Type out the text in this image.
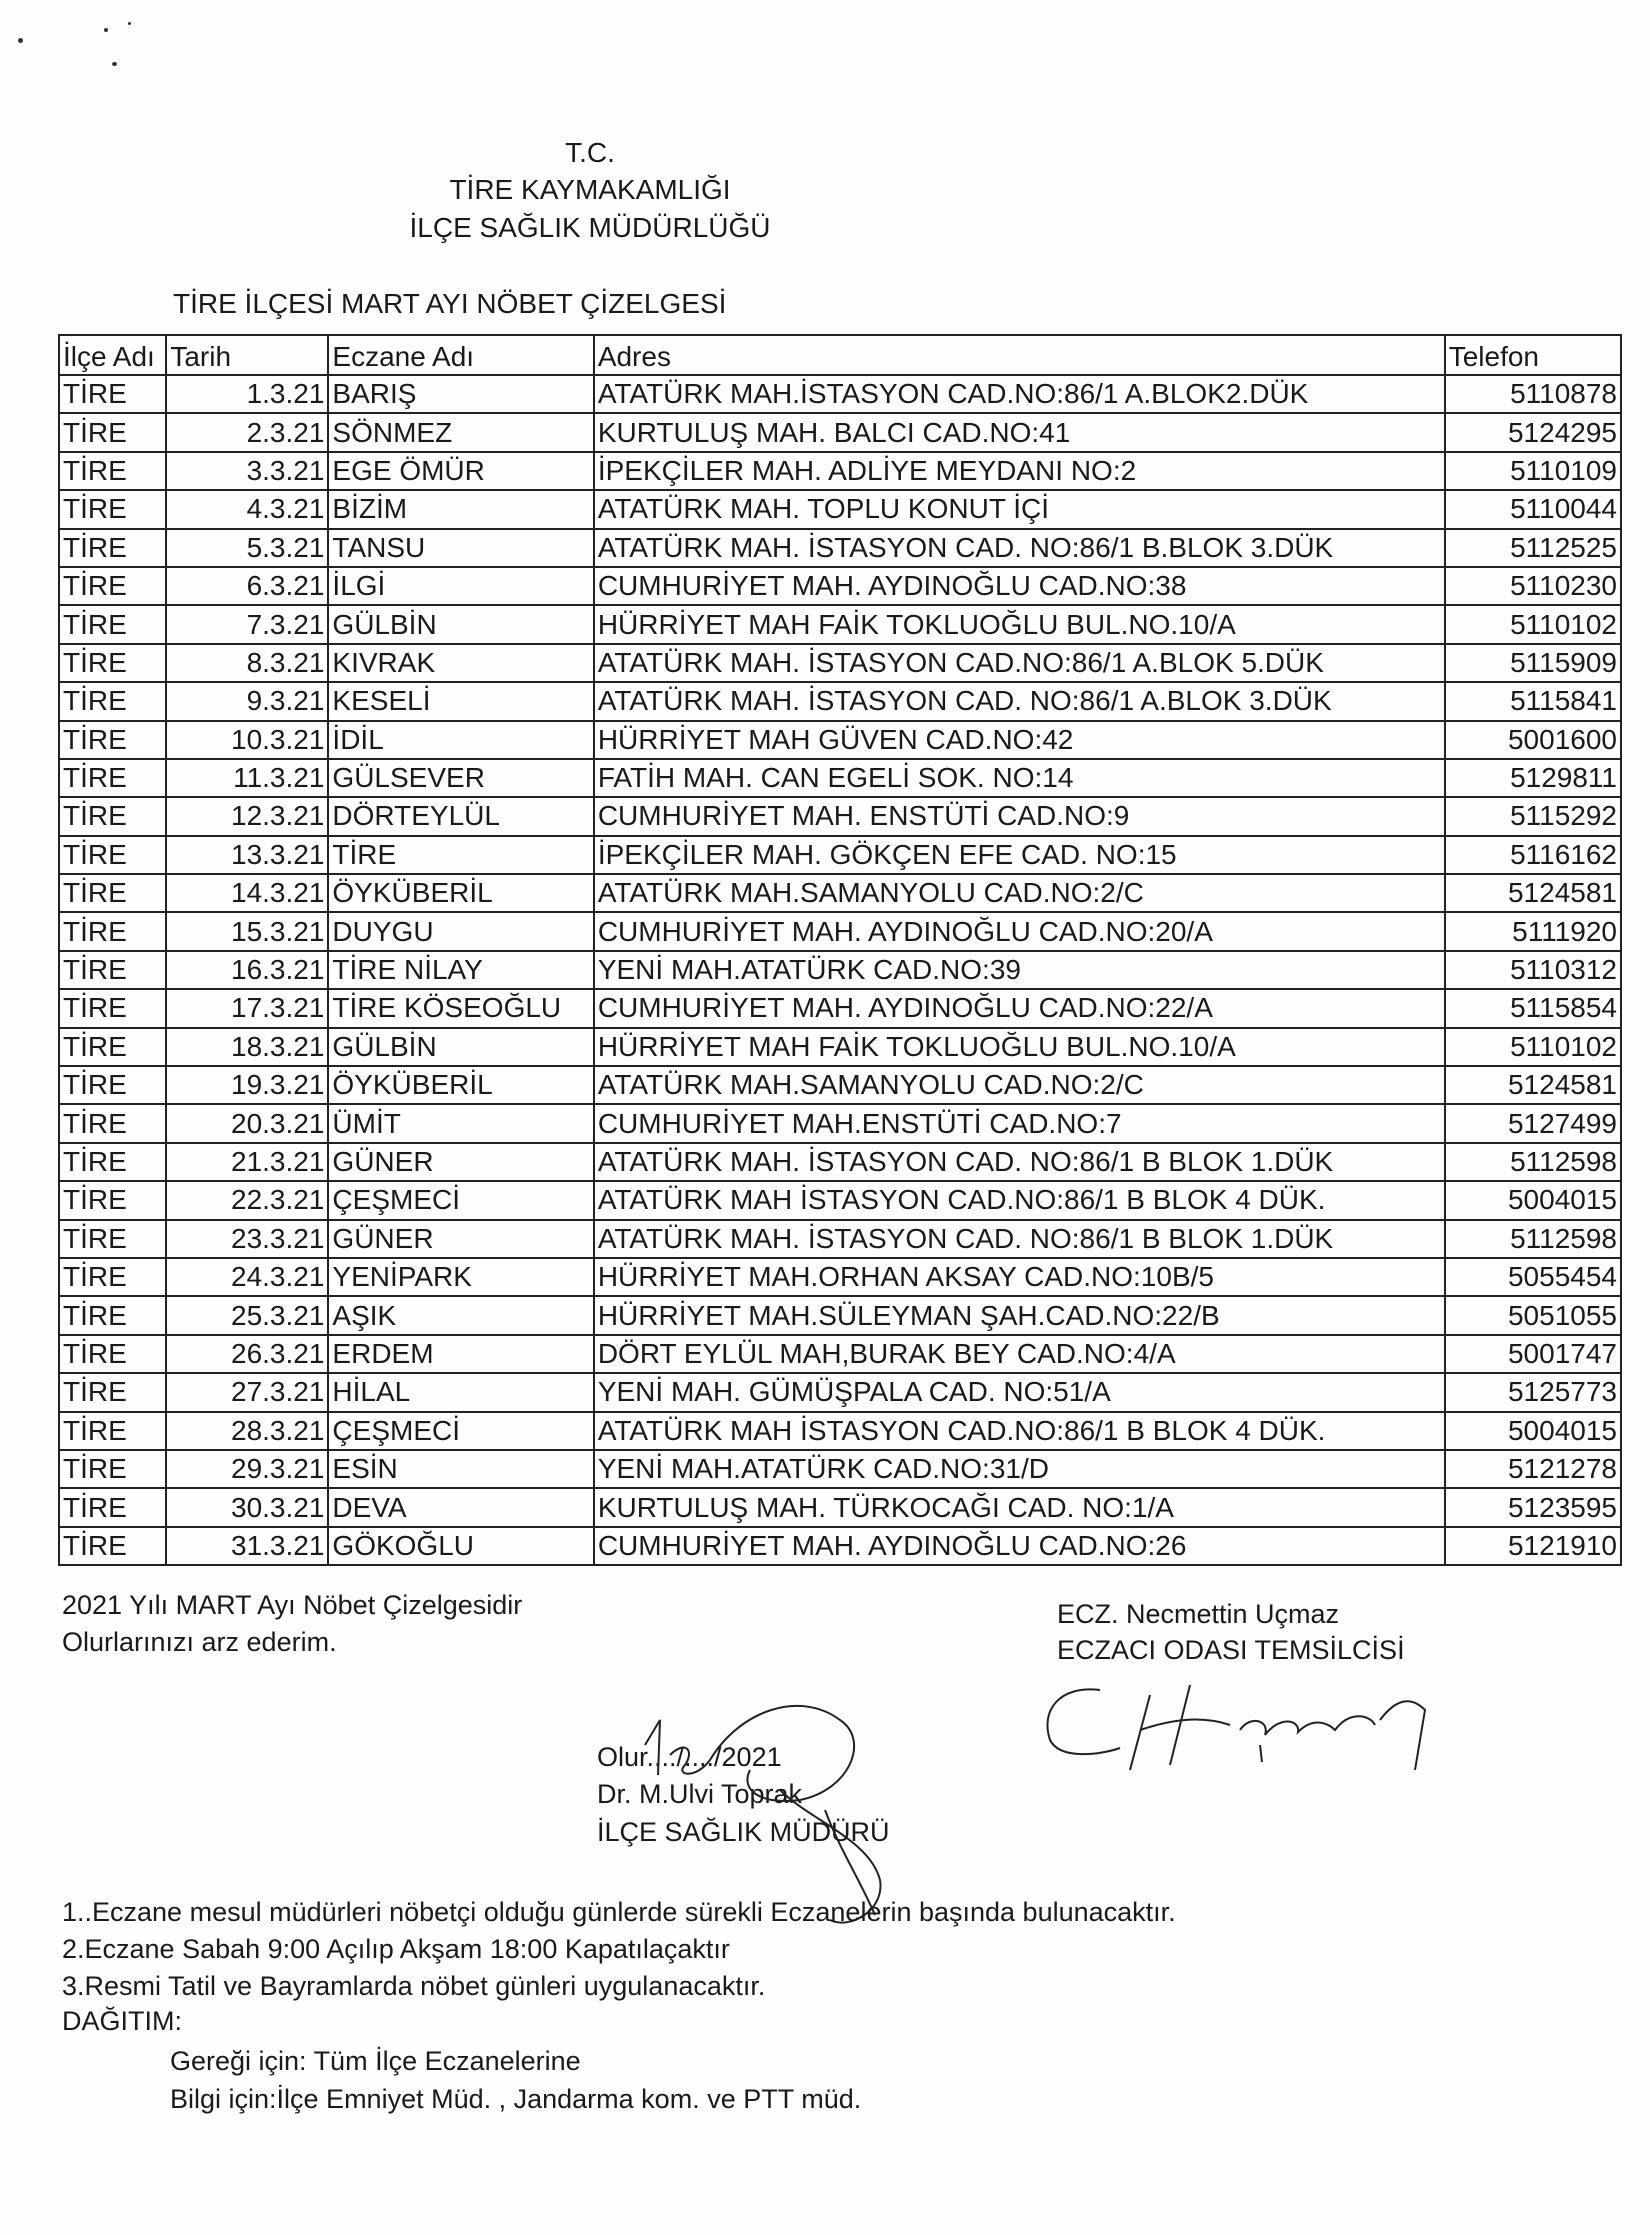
T.C.
TİRE KAYMAKAMLIĞI
İLÇE SAĞLIK MÜDÜRLÜĞÜ
TİRE İLÇESİ MART AYI NÖBET ÇİZELGESİ
İlçe Adı	Tarih	Eczane Adı	Adres	Telefon
TİRE	1.3.21	BARIŞ	ATATÜRK MAH.İSTASYON CAD.NO:86/1 A.BLOK2.DÜK	5110878
TİRE	2.3.21	SÖNMEZ	KURTULUŞ MAH. BALCI CAD.NO:41	5124295
TİRE	3.3.21	EGE ÖMÜR	İPEKÇİLER MAH. ADLİYE MEYDANI NO:2	5110109
TİRE	4.3.21	BİZİM	ATATÜRK MAH. TOPLU KONUT İÇİ	5110044
TİRE	5.3.21	TANSU	ATATÜRK MAH. İSTASYON CAD. NO:86/1 B.BLOK 3.DÜK	5112525
TİRE	6.3.21	İLGİ	CUMHURİYET MAH. AYDINOĞLU CAD.NO:38	5110230
TİRE	7.3.21	GÜLBİN	HÜRRİYET MAH FAİK TOKLUOĞLU BUL.NO.10/A	5110102
TİRE	8.3.21	KIVRAK	ATATÜRK MAH. İSTASYON CAD.NO:86/1 A.BLOK 5.DÜK	5115909
TİRE	9.3.21	KESELİ	ATATÜRK MAH. İSTASYON CAD. NO:86/1 A.BLOK 3.DÜK	5115841
TİRE	10.3.21	İDİL	HÜRRİYET MAH GÜVEN CAD.NO:42	5001600
TİRE	11.3.21	GÜLSEVER	FATİH MAH. CAN EGELİ SOK. NO:14	5129811
TİRE	12.3.21	DÖRTEYLÜL	CUMHURİYET MAH. ENSTÜTİ CAD.NO:9	5115292
TİRE	13.3.21	TİRE	İPEKÇİLER MAH. GÖKÇEN EFE CAD. NO:15	5116162
TİRE	14.3.21	ÖYKÜBERİL	ATATÜRK MAH.SAMANYOLU CAD.NO:2/C	5124581
TİRE	15.3.21	DUYGU	CUMHURİYET MAH. AYDINOĞLU CAD.NO:20/A	5111920
TİRE	16.3.21	TİRE NİLAY	YENİ MAH.ATATÜRK CAD.NO:39	5110312
TİRE	17.3.21	TİRE KÖSEOĞLU	CUMHURİYET MAH. AYDINOĞLU CAD.NO:22/A	5115854
TİRE	18.3.21	GÜLBİN	HÜRRİYET MAH FAİK TOKLUOĞLU BUL.NO.10/A	5110102
TİRE	19.3.21	ÖYKÜBERİL	ATATÜRK MAH.SAMANYOLU CAD.NO:2/C	5124581
TİRE	20.3.21	ÜMİT	CUMHURİYET MAH.ENSTÜTİ CAD.NO:7	5127499
TİRE	21.3.21	GÜNER	ATATÜRK MAH. İSTASYON CAD. NO:86/1 B BLOK 1.DÜK	5112598
TİRE	22.3.21	ÇEŞMECİ	ATATÜRK MAH İSTASYON CAD.NO:86/1 B BLOK 4 DÜK.	5004015
TİRE	23.3.21	GÜNER	ATATÜRK MAH. İSTASYON CAD. NO:86/1 B BLOK 1.DÜK	5112598
TİRE	24.3.21	YENİPARK	HÜRRİYET MAH.ORHAN AKSAY CAD.NO:10B/5	5055454
TİRE	25.3.21	AŞIK	HÜRRİYET MAH.SÜLEYMAN ŞAH.CAD.NO:22/B	5051055
TİRE	26.3.21	ERDEM	DÖRT EYLÜL MAH,BURAK BEY CAD.NO:4/A	5001747
TİRE	27.3.21	HİLAL	YENİ MAH. GÜMÜŞPALA CAD. NO:51/A	5125773
TİRE	28.3.21	ÇEŞMECİ	ATATÜRK MAH İSTASYON CAD.NO:86/1 B BLOK 4 DÜK.	5004015
TİRE	29.3.21	ESİN	YENİ MAH.ATATÜRK CAD.NO:31/D	5121278
TİRE	30.3.21	DEVA	KURTULUŞ MAH. TÜRKOCAĞI CAD. NO:1/A	5123595
TİRE	31.3.21	GÖKOĞLU	CUMHURİYET MAH. AYDINOĞLU CAD.NO:26	5121910
2021 Yılı MART Ayı Nöbet Çizelgesidir
Olurlarınızı arz ederim.
ECZ. Necmettin Uçmaz
ECZACI ODASI TEMSİLCİSİ
Olur..../..../2021
Dr. M.Ulvi Toprak
İLÇE SAĞLIK MÜDÜRÜ
1..Eczane mesul müdürleri nöbetçi olduğu günlerde sürekli Eczanelerin başında bulunacaktır.
2.Eczane Sabah 9:00 Açılıp Akşam 18:00 Kapatılaçaktır
3.Resmi Tatil ve Bayramlarda nöbet günleri uygulanacaktır.
DAĞITIM:
Gereği için: Tüm İlçe Eczanelerine
Bilgi için:İlçe Emniyet Müd. , Jandarma kom. ve PTT müd.
